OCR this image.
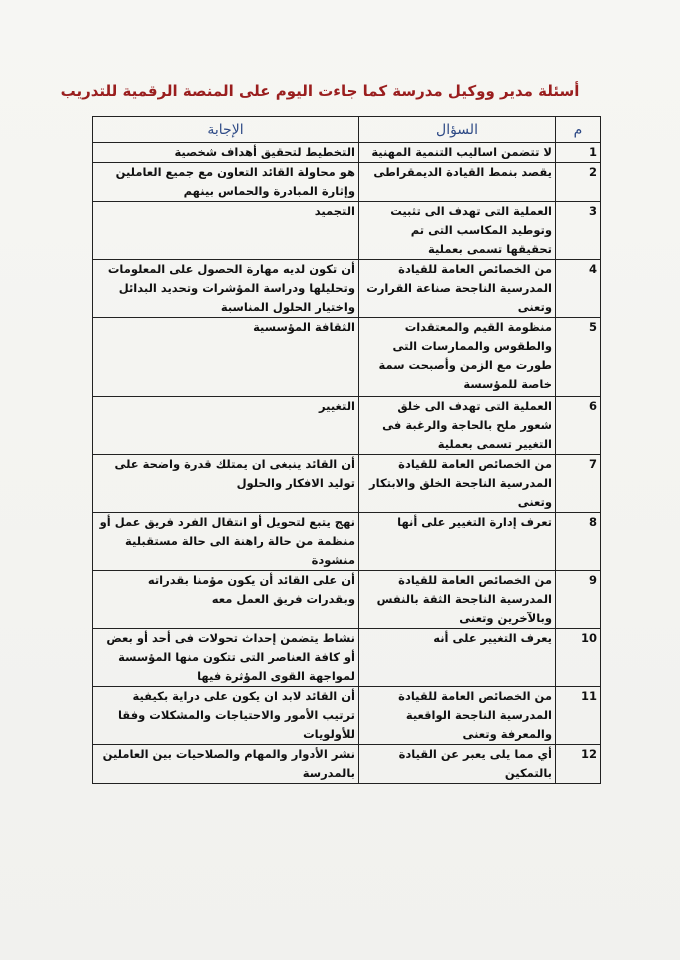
أسئلة مدير ووكيل مدرسة كما جاءت اليوم على المنصة الرقمية للتدريب
م	السؤال	الإجابة
1	لا تتضمن اساليب التنمية المهنية	التخطيط لتحقيق أهداف شخصية
2	يقصد بنمط القيادة الديمقراطى	هو محاولة القائد التعاون مع جميع العاملين وإثارة المبادرة والحماس بينهم
3	العملية التى تهدف الى تثبيت وتوطيد المكاسب التى تم تحقيقها تسمى بعملية	التجميد
4	من الخصائص العامة للقيادة المدرسية الناجحة صناعة القرارت وتعنى	أن تكون لديه مهارة الحصول على المعلومات وتحليلها ودراسة المؤشرات وتحديد البدائل واختيار الحلول المناسبة
5	منظومة القيم والمعتقدات والطقوس والممارسات التى طورت مع الزمن وأصبحت سمة خاصة للمؤسسة	الثقافة المؤسسية
6	العملية التى تهدف الى خلق شعور ملح بالحاجة والرغبة فى التغيير تسمى بعملية	التغيير
7	من الخصائص العامة للقيادة المدرسية الناجحة الخلق والابتكار وتعنى	أن القائد ينبغى ان يمتلك قدرة واضحة على توليد الافكار والحلول
8	تعرف إدارة التغيير على أنها	نهج يتبع لتحويل أو انتقال الفرد فريق عمل أو منظمة من حالة راهنة الى حالة مستقبلية منشودة
9	من الخصائص العامة للقيادة المدرسية الناجحة الثقة بالنفس وبالآخرين وتعنى	أن على القائد أن يكون مؤمنا بقدراته وبقدرات فريق العمل معه
10	يعرف التغيير على أنه	نشاط يتضمن إحداث تحولات فى أحد أو بعض أو كافة العناصر التى تتكون منها المؤسسة لمواجهة القوى المؤثرة فيها
11	من الخصائص العامة للقيادة المدرسية الناجحة الواقعية والمعرفة وتعنى	أن القائد لابد ان يكون على دراية بكيفية ترتيب الأمور والاحتياجات والمشكلات وفقا للأولويات
12	أي مما يلى يعبر عن القيادة بالتمكين	نشر الأدوار والمهام والصلاحيات بين العاملين بالمدرسة
